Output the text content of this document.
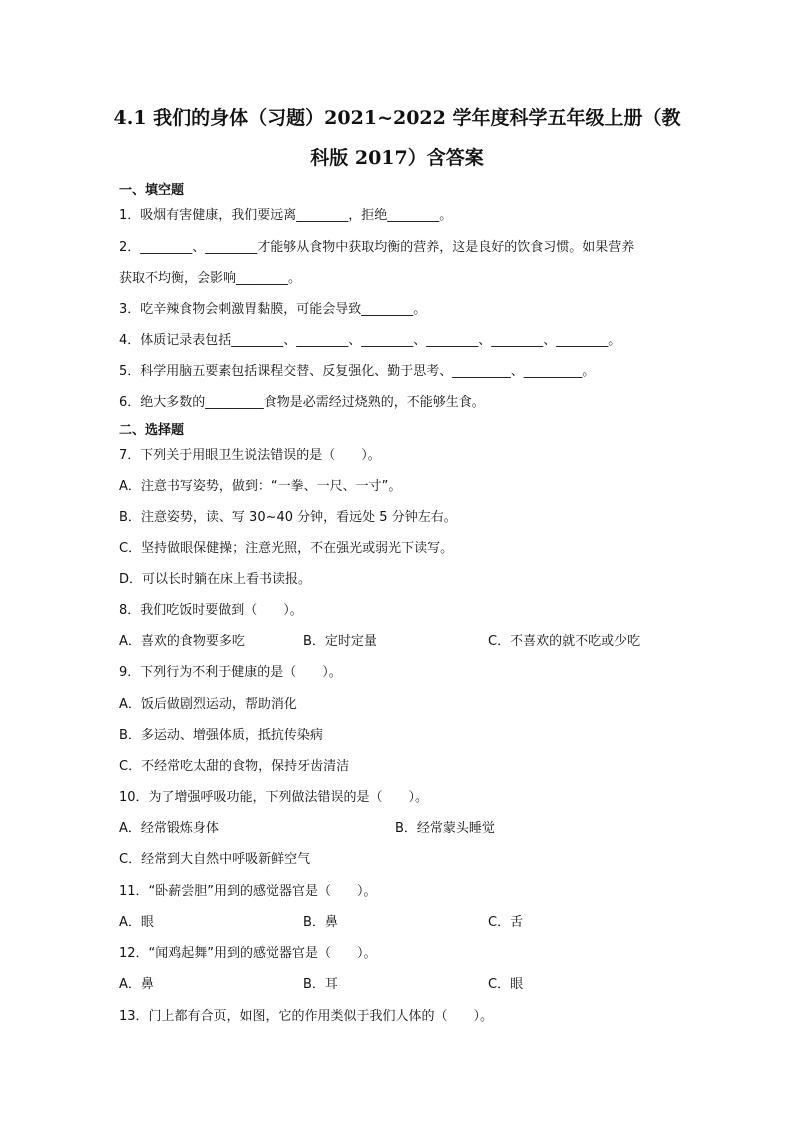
4.1 我们的身体（习题）2021~2022 学年度科学五年级上册（教
科版 2017）含答案
一、填空题
1．吸烟有害健康，我们要远离________，拒绝________。
2．________、________才能够从食物中获取均衡的营养，这是良好的饮食习惯。如果营养
获取不均衡，会影响________。
3．吃辛辣食物会刺激胃黏膜，可能会导致________。
4．体质记录表包括________、________、________、________、________、________。
5．科学用脑五要素包括课程交替、反复强化、勤于思考、_________、_________。
6．绝大多数的_________食物是必需经过烧熟的，不能够生食。
二、选择题
7．下列关于用眼卫生说法错误的是（　　）。
A．注意书写姿势，做到：“一拳、一尺、一寸”。
B．注意姿势，读、写 30~40 分钟，看远处 5 分钟左右。
C．坚持做眼保健操；注意光照，不在强光或弱光下读写。
D．可以长时躺在床上看书读报。
8．我们吃饭时要做到（　　）。
A．喜欢的食物要多吃	B．定时定量	C．不喜欢的就不吃或少吃
9．下列行为不利于健康的是（　　）。
A．饭后做剧烈运动，帮助消化
B．多运动、增强体质，抵抗传染病
C．不经常吃太甜的食物，保持牙齿清洁
10．为了增强呼吸功能，下列做法错误的是（　　）。
A．经常锻炼身体	B．经常蒙头睡觉
C．经常到大自然中呼吸新鲜空气
11．“卧薪尝胆”用到的感觉器官是（　　）。
A．眼	B．鼻	C．舌
12．“闻鸡起舞”用到的感觉器官是（　　）。
A．鼻	B．耳	C．眼
13．门上都有合页，如图，它的作用类似于我们人体的（　　）。
